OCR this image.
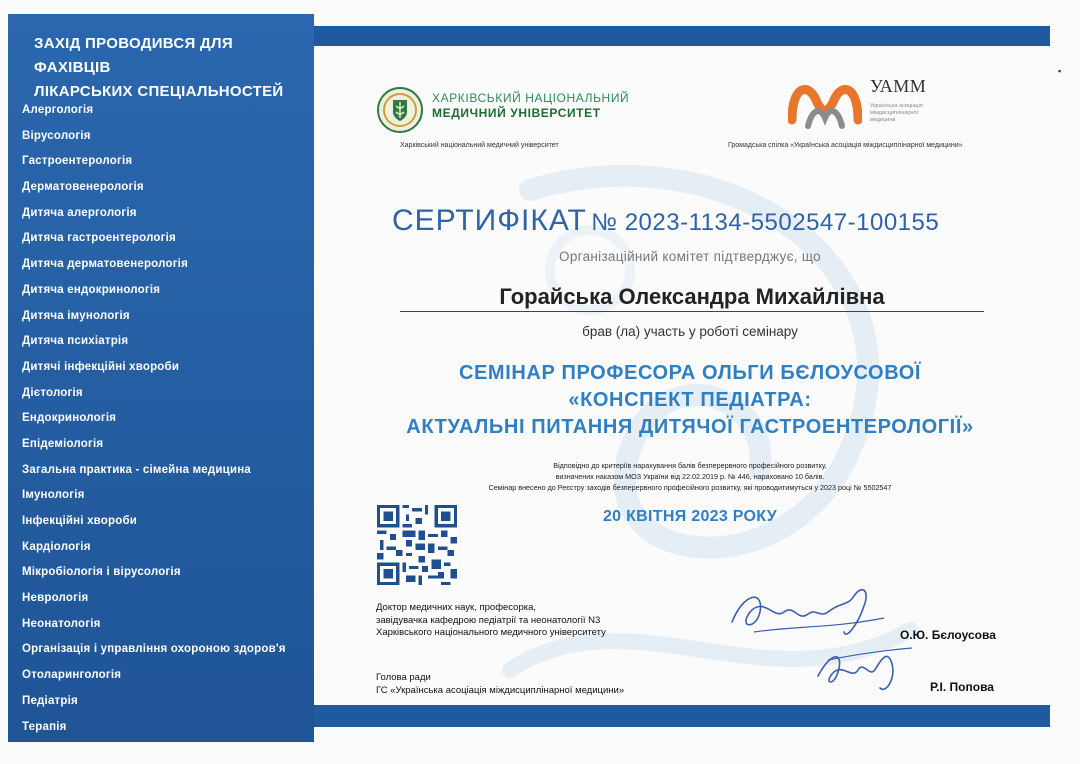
ЗАХІД ПРОВОДИВСЯ ДЛЯ ФАХІВЦІВ
ЛІКАРСЬКИХ СПЕЦІАЛЬНОСТЕЙ
Алергологія
Вірусологія
Гастроентерологія
Дерматовенерологія
Дитяча алергологія
Дитяча гастроентерологія
Дитяча дерматовенерологія
Дитяча ендокринологія
Дитяча імунологія
Дитяча психіатрія
Дитячі інфекційні хвороби
Дієтологія
Ендокринологія
Епідеміологія
Загальна практика - сімейна медицина
Імунологія
Інфекційні хвороби
Кардіологія
Мікробіологія і вірусологія
Неврологія
Неонатологія
Організація і управління охороною здоров'я
Отоларингологія
Педіатрія
Терапія
ХАРКІВСЬКИЙ НАЦІОНАЛЬНИЙ
МЕДИЧНИЙ УНІВЕРСИТЕТ
Харківський національний медичний університет
УАММ
Українська асоціація міждисциплінарної медицини
Громадська спілка «Українська асоціація міждисциплінарної медицини»
▪
СЕРТИФІКАТ № 2023-1134-5502547-100155
Організаційний комітет підтверджує, що
Горайська Олександра Михайлівна
брав (ла) участь у роботі семінару
СЕМІНАР ПРОФЕСОРА ОЛЬГИ БЄЛОУСОВОЇ
«КОНСПЕКТ ПЕДІАТРА:
АКТУАЛЬНІ ПИТАННЯ ДИТЯЧОЇ ГАСТРОЕНТЕРОЛОГІЇ»
Відповідно до критеріїв нарахування балів безперервного професійного розвитку,
визначених наказом МОЗ України від 22.02.2019 р. № 446, нараховано 10 балів.
Семінар внесено до Реєстру заходів безперервного професійного розвитку, які проводитимуться у 2023 році № 5502547
20 КВІТНЯ 2023 РОКУ
Доктор медичних наук, професорка,
завідувачка кафедрою педіатрії та неонатології N3
Харківського національного медичного університету
Голова ради
ГС «Українська асоціація міждисциплінарної медицини»
О.Ю. Бєлоусова
Р.І. Попова
